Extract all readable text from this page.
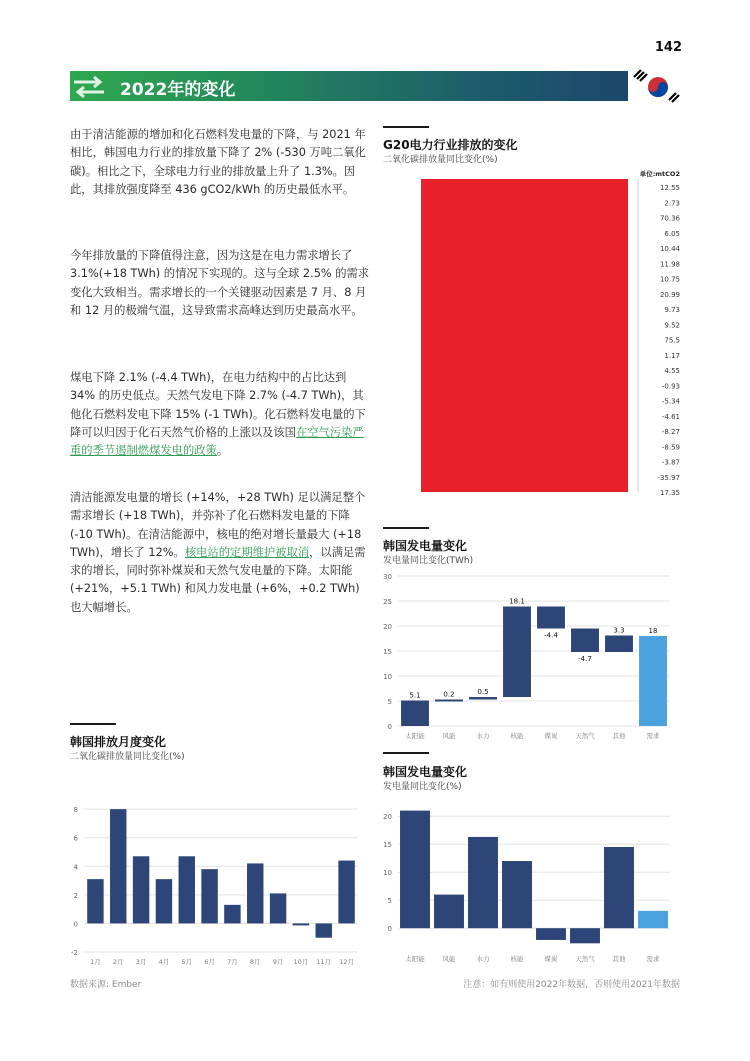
142
2022年的变化
由于清洁能源的增加和化石燃料发电量的下降，与 2021 年相比，韩国电力行业的排放量下降了 2% (-530 万吨二氧化碳)。相比之下，全球电力行业的排放量上升了 1.3%。因此，其排放强度降至 436 gCO2/kWh 的历史最低水平。
今年排放量的下降值得注意，因为这是在电力需求增长了 3.1%(+18 TWh) 的情况下实现的。这与全球 2.5% 的需求变化大致相当。需求增长的一个关键驱动因素是 7 月、8 月和 12 月的极端气温，这导致需求高峰达到历史最高水平。
煤电下降 2.1% (-4.4 TWh)，在电力结构中的占比达到 34% 的历史低点。天然气发电下降 2.7% (-4.7 TWh)，其他化石燃料发电下降 15% (-1 TWh)。化石燃料发电量的下降可以归因于化石天然气价格的上涨以及该国在空气污染严重的季节遏制燃煤发电的政策。
清洁能源发电量的增长 (+14%，+28 TWh) 足以满足整个需求增长 (+18 TWh)，并弥补了化石燃料发电量的下降 (-10 TWh)。在清洁能源中，核电的绝对增长量最大 (+18 TWh)，增长了 12%。核电站的定期维护被取消，以满足需求的增长，同时弥补煤炭和天然气发电量的下降。太阳能 (+21%，+5.1 TWh) 和风力发电量 (+6%，+0.2 TWh) 也大幅增长。
G20电力行业排放的变化
二氧化碳排放量同比变化(%)
单位:mtCO2
12.55
2.73
70.36
6.05
10.44
11.98
10.75
20.99
9.73
9.52
75.5
1.17
4.55
-0.93
-5.34
-4.61
-8.27
-8.59
-3.87
-35.97
17.35
韩国发电量变化
发电量同比变化(TWh)
0
5
10
15
20
25
30
5.1
太阳能
0.2
风能
0.5
水力
18.1
核能
-4.4
煤炭
-4.7
天然气
3.3
其他
18
需求
韩国发电量变化
发电量同比变化(%)
0
5
10
15
20
太阳能	风能	水力	核能	煤炭	天然气	其他	需求
韩国排放月度变化
二氧化碳排放量同比变化(%)
-2
0
2
4
6
8
1月 2月 3月 4月 5月 6月 7月 8月 9月 10月 11月 12月
数据来源: Ember	注意：如有则使用2022年数据，否则使用2021年数据
